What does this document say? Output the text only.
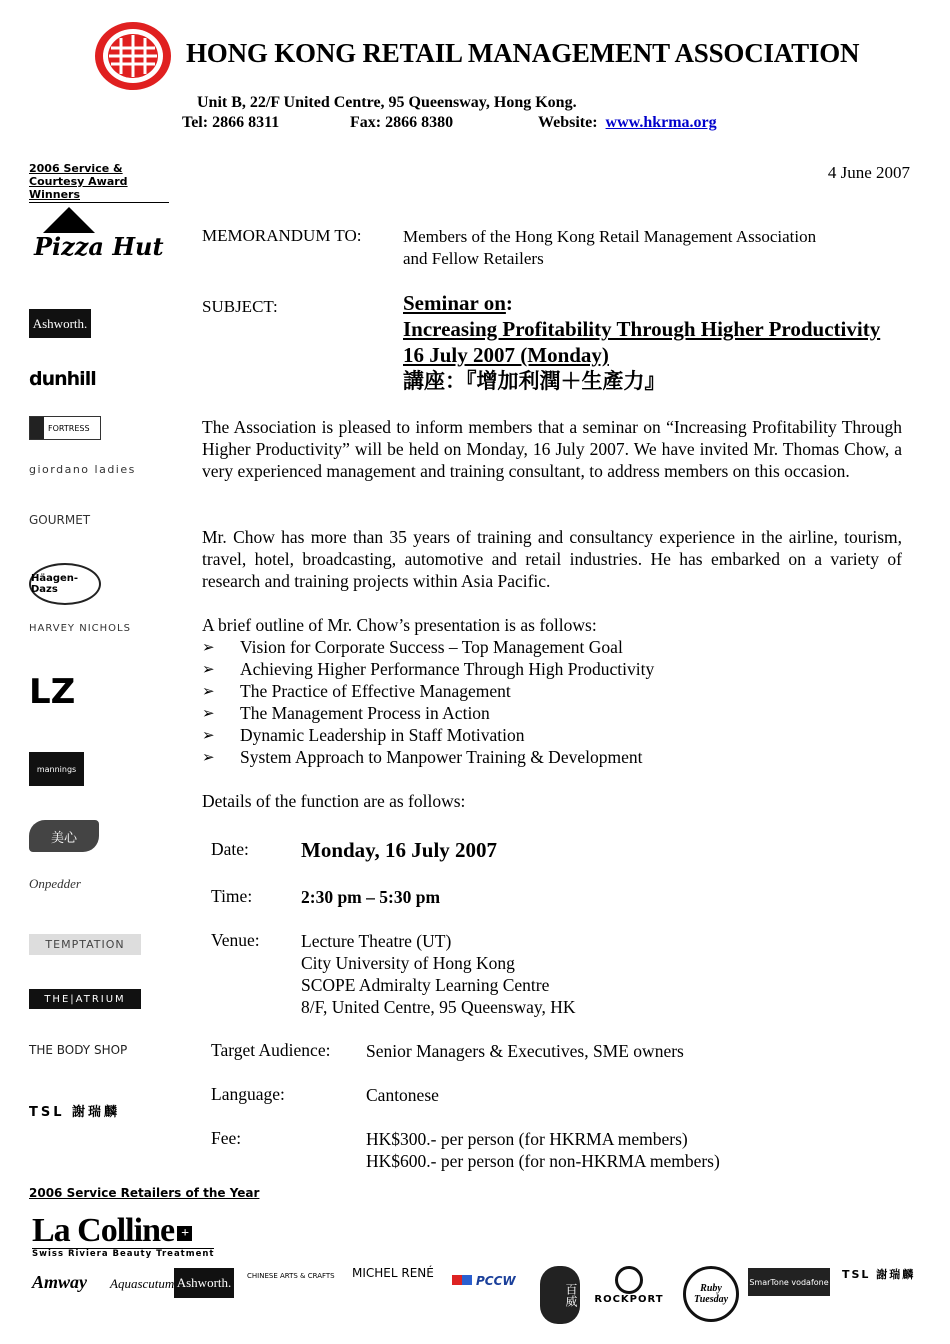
HONG KONG RETAIL MANAGEMENT ASSOCIATION
Unit B, 22/F United Centre, 95 Queensway, Hong Kong.
Tel: 2866 8311	Fax: 2866 8380	Website: www.hkrma.org
2006 Service & Courtesy Award Winners
Pizza Hut
Ashworth.
dunhill
FORTRESS
giordano ladies
GOURMET
Häagen-Dazs
HARVEY NICHOLS
LZ
mannings
美心
Onpedder
TEMPTATION
THE|ATRIUM
THE BODY SHOP
TSL 謝瑞麟
4 June 2007
MEMORANDUM TO: Members of the Hong Kong Retail Management Association
and Fellow Retailers
SUBJECT:	Seminar on:
Increasing Profitability Through Higher Productivity
16 July 2007 (Monday)
講座：『增加利潤＋生產力』
The Association is pleased to inform members that a seminar on “Increasing Profitability Through Higher Productivity” will be held on Monday, 16 July 2007. We have invited Mr. Thomas Chow, a very experienced management and training consultant, to address members on this occasion.
Mr. Chow has more than 35 years of training and consultancy experience in the airline, tourism, travel, hotel, broadcasting, automotive and retail industries. He has embarked on a variety of research and training projects within Asia Pacific.
A brief outline of Mr. Chow’s presentation is as follows:
➢ Vision for Corporate Success – Top Management Goal
➢ Achieving Higher Performance Through High Productivity
➢ The Practice of Effective Management
➢ The Management Process in Action
➢ Dynamic Leadership in Staff Motivation
➢ System Approach to Manpower Training & Development
Details of the function are as follows:
Date: Monday, 16 July 2007
Time:	2:30 pm – 5:30 pm
Venue: Lecture Theatre (UT)
City University of Hong Kong
SCOPE Admiralty Learning Centre
8/F, United Centre, 95 Queensway, HK
Target Audience: Senior Managers & Executives, SME owners
Language:	Cantonese
Fee:	HK$300.- per person (for HKRMA members)
HK$600.- per person (for non-HKRMA members)
2006 Service Retailers of the Year
La Colline +
Swiss Riviera Beauty Treatment
Amway Aquascutum Ashworth.	CHINESE ARTS & CRAFTS MICHEL RENÉ
PCCW
百威 ROCKPORT
Ruby Tuesday
SmarTone vodafone
TSL 謝瑞麟
